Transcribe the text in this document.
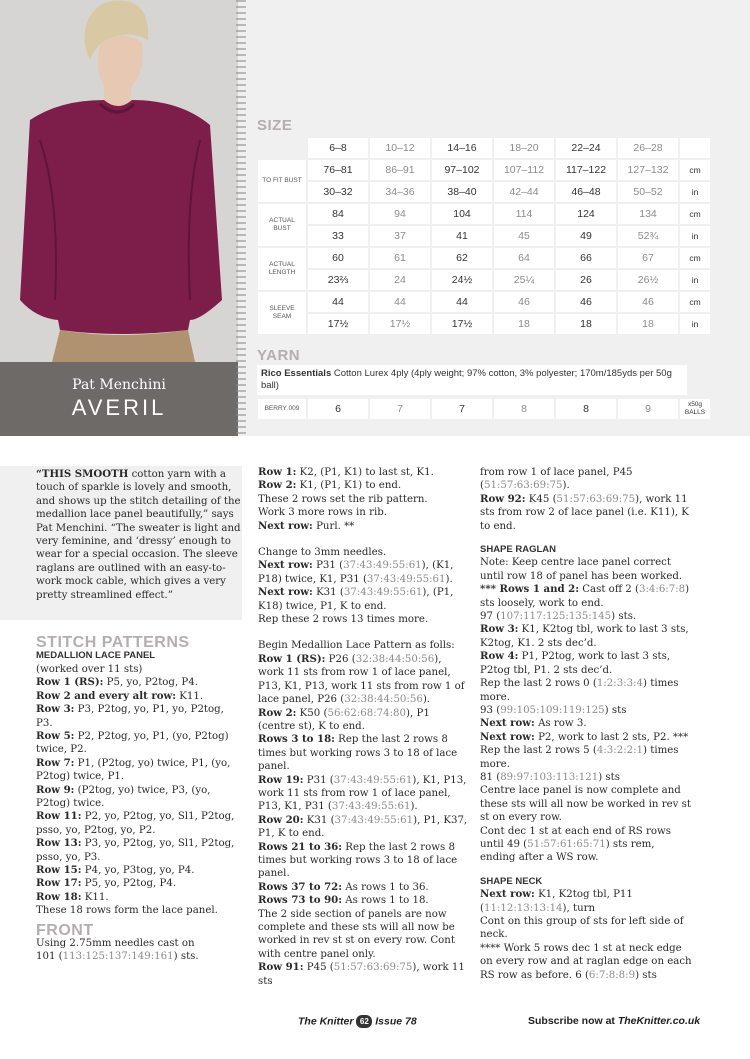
Pat Menchini
AVERIL
SIZE
	6–8	10–12	14–16	18–20	22–24	26–28	
TO FIT BUST	76–81	86–91	97–102	107–112	117–122	127–132	cm
	30–32	34–36	38–40	42–44	46–48	50–52	in
ACTUAL BUST	84	94	104	114	124	134	cm
	33	37	41	45	49	52¾	in
ACTUAL LENGTH	60	61	62	64	66	67	cm
	23⅔	24	24½	25¼	26	26½	in
SLEEVE SEAM	44	44	44	46	46	46	cm
	17½	17½	17½	18	18	18	in
YARN
Rico Essentials Cotton Lurex 4ply (4ply weight; 97% cotton, 3% polyester; 170m/185yds per 50g ball)
BERRY 009	6	7	7	8	8	9	x50g BALLS

“THIS SMOOTH cotton yarn with a touch of sparkle is lovely and smooth, and shows up the stitch detailing of the medallion lace panel beautifully,” says Pat Menchini. “The sweater is light and very feminine, and ‘dressy’ enough to wear for a special occasion. The sleeve raglans are outlined with an easy-to-work mock cable, which gives a very pretty streamlined effect.”

STITCH PATTERNS
MEDALLION LACE PANEL

(worked over 11 sts)

Row 1 (RS): P5, yo, P2tog, P4.

Row 2 and every alt row: K11.

Row 3: P3, P2tog, yo, P1, yo, P2tog, P3.

Row 5: P2, P2tog, yo, P1, (yo, P2tog) twice, P2.

Row 7: P1, (P2tog, yo) twice, P1, (yo, P2tog) twice, P1.

Row 9: (P2tog, yo) twice, P3, (yo, P2tog) twice.

Row 11: P2, yo, P2tog, yo, Sl1, P2tog, psso, yo, P2tog, yo, P2.

Row 13: P3, yo, P2tog, yo, Sl1, P2tog, psso, yo, P3.

Row 15: P4, yo, P3tog, yo, P4.

Row 17: P5, yo, P2tog, P4.

Row 18: K11.

These 18 rows form the lace panel.

FRONT

Using 2.75mm needles cast on

101 (113:125:137:149:161) sts.

Row 1: K2, (P1, K1) to last st, K1.

Row 2: K1, (P1, K1) to end.

These 2 rows set the rib pattern.

Work 3 more rows in rib.

Next row: Purl. **

Change to 3mm needles.

Next row: P31 (37:43:49:55:61), (K1, P18) twice, K1, P31 (37:43:49:55:61).

Next row: K31 (37:43:49:55:61), (P1, K18) twice, P1, K to end.

Rep these 2 rows 13 times more.

Begin Medallion Lace Pattern as folls:

Row 1 (RS): P26 (32:38:44:50:56), work 11 sts from row 1 of lace panel, P13, K1, P13, work 11 sts from row 1 of lace panel, P26 (32:38:44:50:56).

Row 2: K50 (56:62:68:74:80), P1 (centre st), K to end.

Rows 3 to 18: Rep the last 2 rows 8 times but working rows 3 to 18 of lace panel.

Row 19: P31 (37:43:49:55:61), K1, P13, work 11 sts from row 1 of lace panel, P13, K1, P31 (37:43:49:55:61).

Row 20: K31 (37:43:49:55:61), P1, K37, P1, K to end.

Rows 21 to 36: Rep the last 2 rows 8 times but working rows 3 to 18 of lace panel.

Rows 37 to 72: As rows 1 to 36.

Rows 73 to 90: As rows 1 to 18.

The 2 side section of panels are now complete and these sts will all now be worked in rev st st on every row. Cont with centre panel only.

Row 91: P45 (51:57:63:69:75), work 11 sts

from row 1 of lace panel, P45 (51:57:63:69:75).

Row 92: K45 (51:57:63:69:75), work 11 sts from row 2 of lace panel (i.e. K11), K to end.

SHAPE RAGLAN

Note: Keep centre lace panel correct until row 18 of panel has been worked.

*** Rows 1 and 2: Cast off 2 (3:4:6:7:8) sts loosely, work to end.

97 (107:117:125:135:145) sts.

Row 3: K1, K2tog tbl, work to last 3 sts, K2tog, K1. 2 sts dec’d.

Row 4: P1, P2tog, work to last 3 sts, P2tog tbl, P1. 2 sts dec’d.

Rep the last 2 rows 0 (1:2:3:3:4) times more.

93 (99:105:109:119:125) sts

Next row: As row 3.

Next row: P2, work to last 2 sts, P2. ***

Rep the last 2 rows 5 (4:3:2:2:1) times more.

81 (89:97:103:113:121) sts

Centre lace panel is now complete and these sts will all now be worked in rev st st on every row.

Cont dec 1 st at each end of RS rows until 49 (51:57:61:65:71) sts rem, ending after a WS row.

SHAPE NECK

Next row: K1, K2tog tbl, P11 (11:12:13:13:14), turn

Cont on this group of sts for left side of neck.

**** Work 5 rows dec 1 st at neck edge on every row and at raglan edge on each RS row as before. 6 (6:7:8:8:9) sts

The Knitter 62 Issue 78	Subscribe now at TheKnitter.co.uk
